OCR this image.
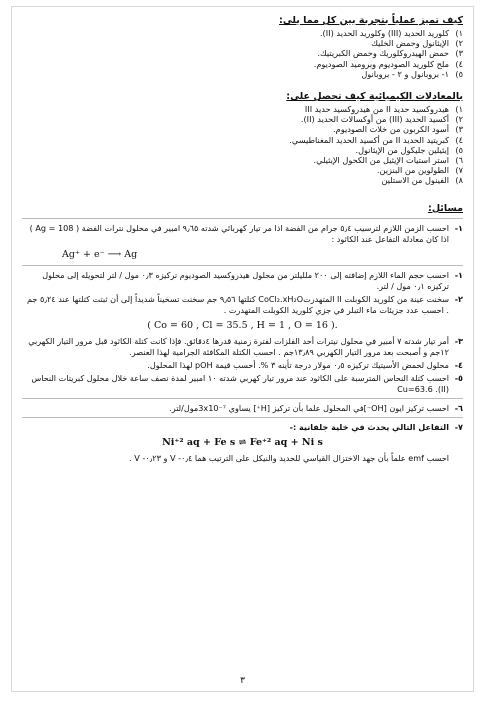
كيف تميز عملياً بتجربة بين كل مما يلي:
١)
كلوريد الحديد (III) وكلوريد الحديد (II).
٢)
الإيثانول وحمض الخليك
٣)
حمض الهيدروكلوريك وحمض الكبريتيك.
٤)
ملح كلوريد الصوديوم وبروميد الصوديوم.
٥)
١- بروبانول و ٢ - بروبانول
بالمعادلات الكيميائية كيف تحصل على:
١)
هيدروكسيد حديد II من هيدروكسيد حديد III
٢)
أكسيد الحديد (III) من أوكسالات الحديد (II).
٣)
أسود الكربون من خلات الصوديوم.
٤)
كبريتيد الحديد II من أكسيد الحديد المغناطيسي.
٥)
إيثيلين جليكول من الإيثانول.
٦)
استر استيات الإيثيل من الكحول الإيثيلي.
٧)
الطولوين من البنزين.
٨)
الفينول من الاستلين
مسائل:
١-
احسب الزمن اللازم لترسيب ٥٫٤ جرام من الفضة اذا مر تيار كهربائي شدته ٩٫٦٥ امبير في محلول نترات الفضة ( Ag = 108 ) اذا كان معادلة التفاعل عند الكاثود :
Ag⁺ + e⁻ ⟶ Ag
١-
احسب حجم الماء اللازم إضافته إلى ٢٠٠ ملليلتر من محلول هيدروكسيد الصوديوم تركيزه ٠٫٣ مول / لتر لتحويله إلى محلول تركيزه ٠٫١ مول / لتر.
٢-
سخنت عينة من كلوريد الكوبلت II المتهدرتCoCl₂.xH₂O كتلتها ٩٫٥٦ جم سخنت تسخيناً شديداً إلى أن ثبتت كتلتها عند ٥٫٢٤ جم . احسب عدد جزيئات ماء التبلر في جزي كلوريد الكوبلت المتهدرت .
( Co = 60 , Cl = 35.5 , H = 1 , O = 16 ).
٣-
أمر تيار شدته ٧ أمبير في محلول نيترات أحد الفلزات لفترة زمنية قدرها ٤دقائق. فإذا كانت كتلة الكاثود قبل مرور التيار الكهربي ١٢جم و أصبحت بعد مرور التيار الكهربي ١٣٫٨٩جم . احسب الكتلة المكافئة الجرامية لهذا العنصر.
٤-
محلول لحمض الأسيتيك تركيزه ٠٫٥ مولار درجة تأينه ٣ %. أحسب قيمة pOH لهذا المحلول.
٥-
احسب كتلة النحاس المترسبة على الكاثود عند مرور تيار كهربي شدته ١٠ امبير لمدة نصف ساعة خلال محلول كبريتات النحاس (II). Cu=63.6
٦-
احسب تركيز ايون [OH⁻]في المحلول علما بأن تركيز [H⁺] يساوي 3x10⁻⁷مول/لتر.
٧-
التفاعل التالي يحدث في خلية جلفانية :-
Ni⁺² aq + Fe s ⇌ Fe⁺² aq + Ni s
احسب emf علماً بأن جهد الاختزال القياسي للحديد والنيكل على الترتيب هما ٠٫٤- V و ٠٫٢٣- V .
٣
